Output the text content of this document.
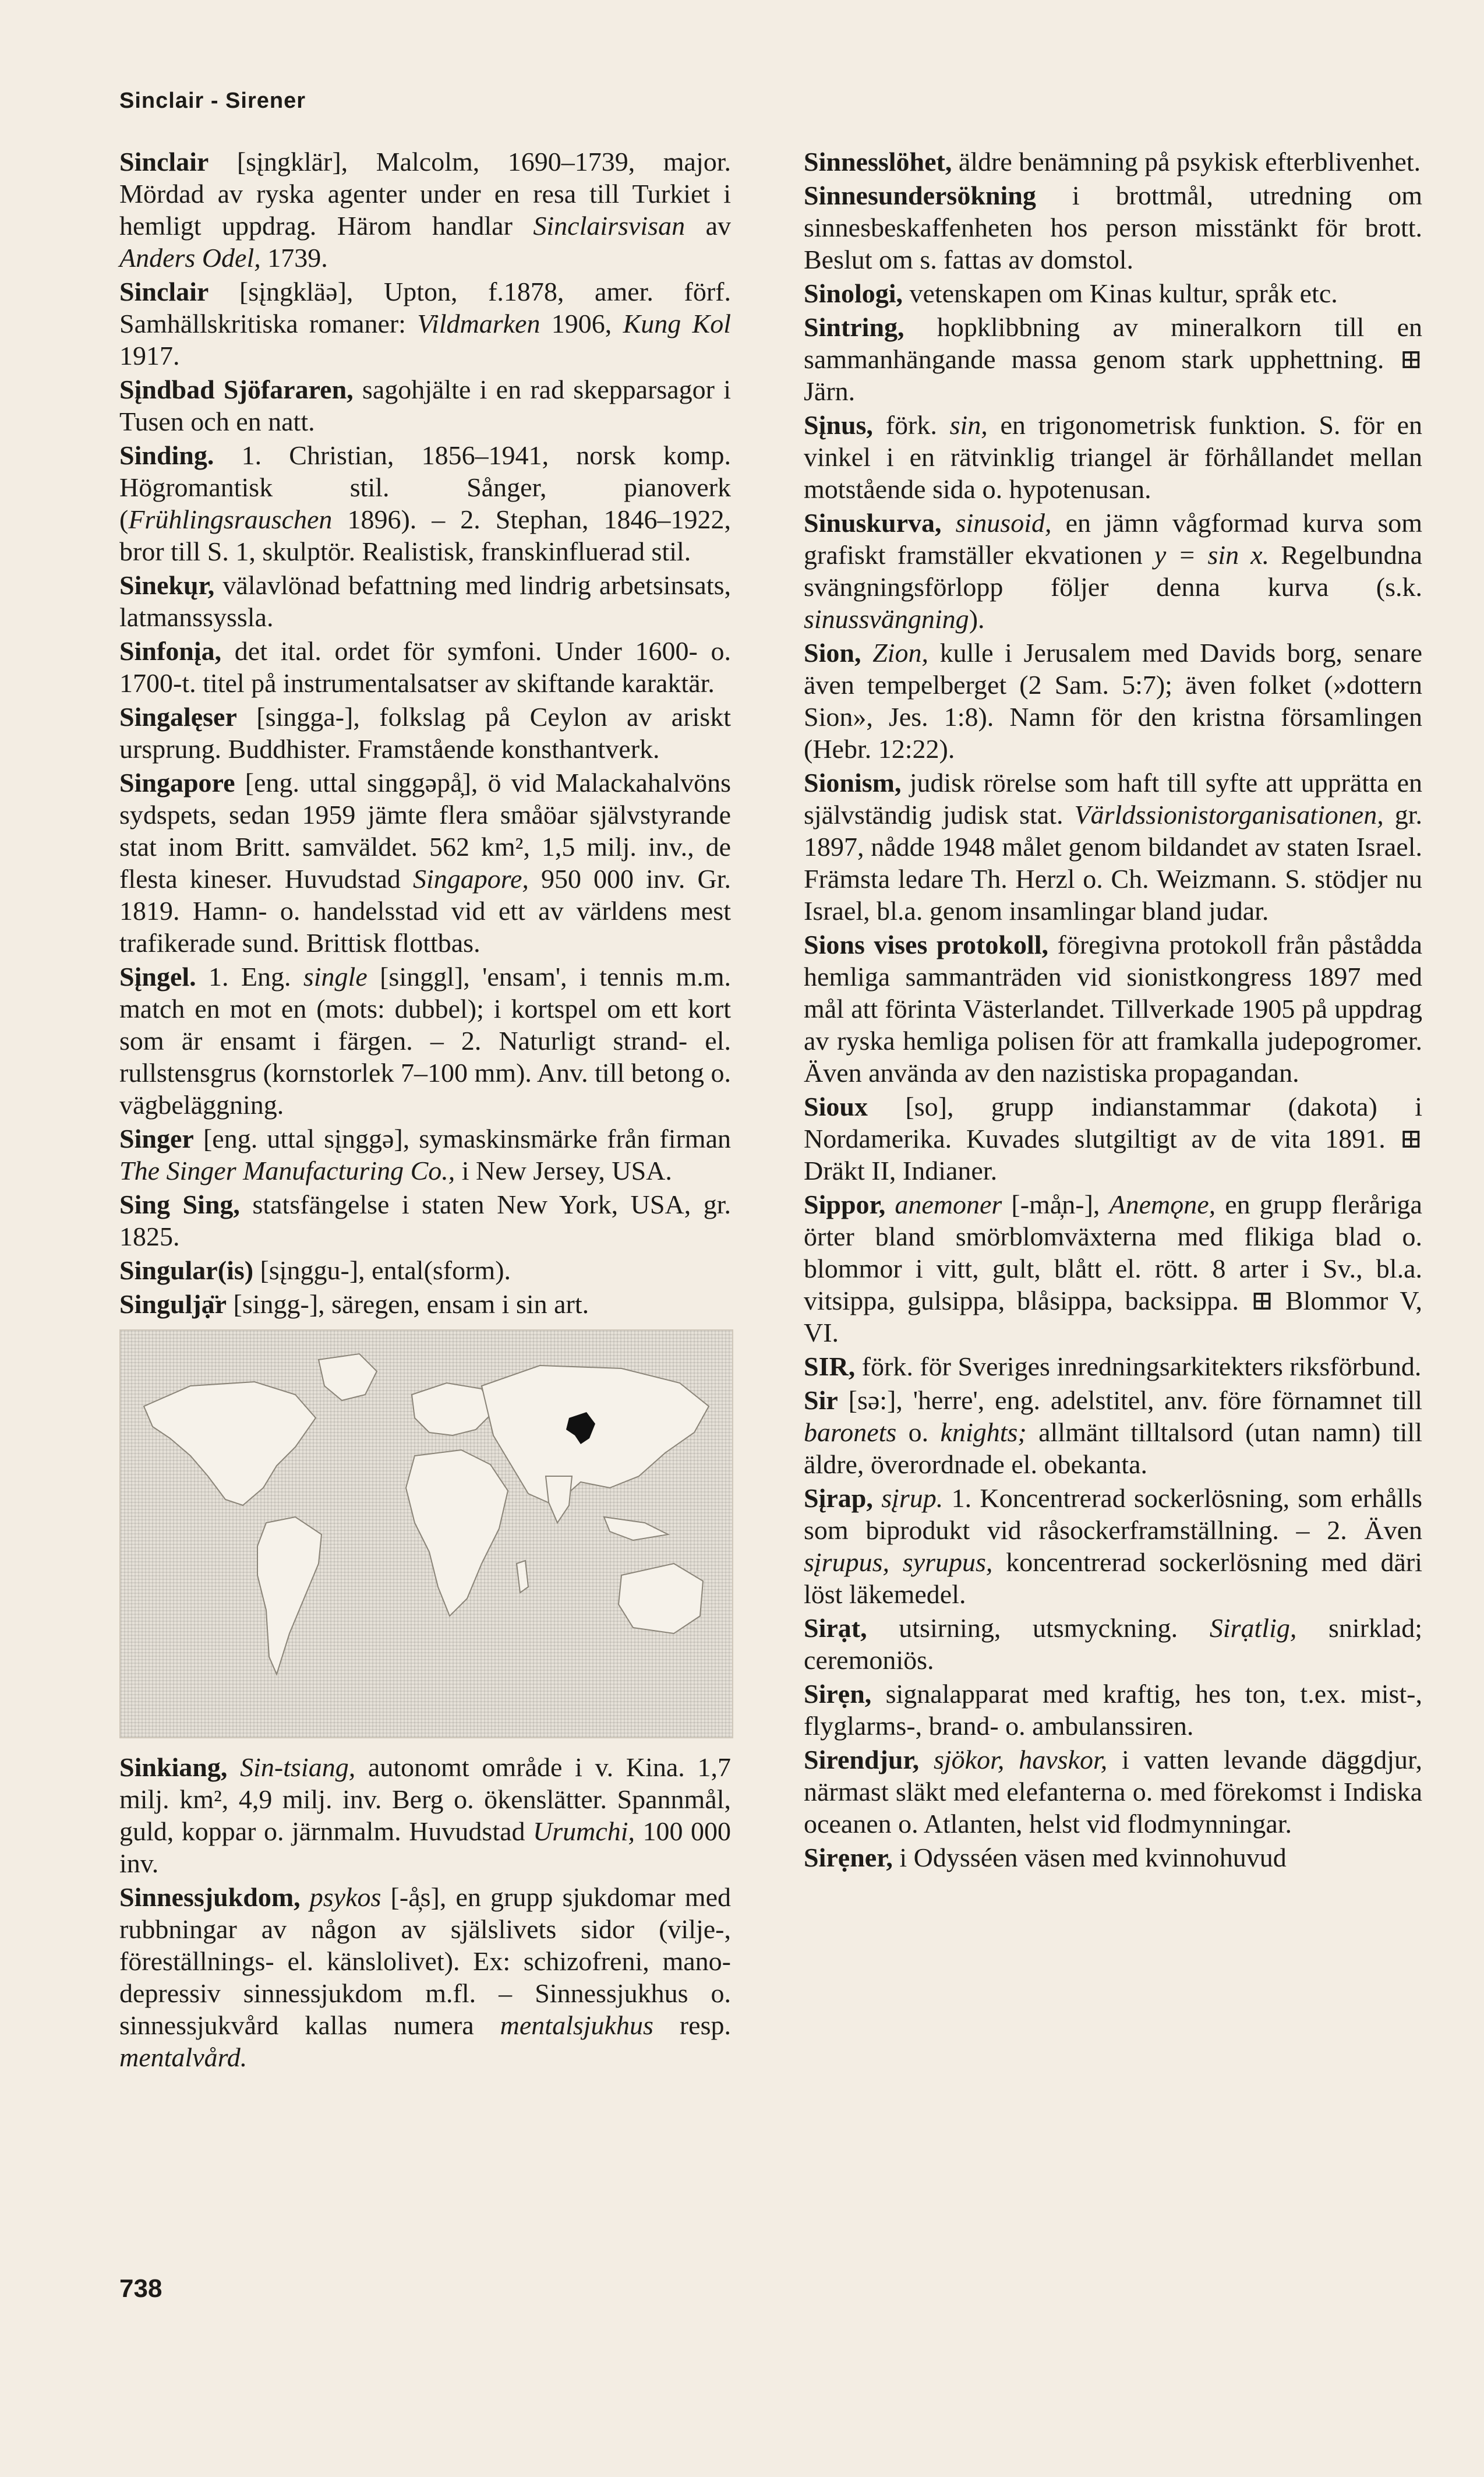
Sinclair - Sirener
Sinclair [sįngklär], Malcolm, 1690–1739, major. Mördad av ryska agenter under en resa till Turkiet i hemligt uppdrag. Härom handlar Sinclairsvisan av Anders Odel, 1739.
Sinclair [sįngkläə], Upton, f.1878, amer. förf. Samhällskritiska romaner: Vildmarken 1906, Kung Kol 1917.
Sįndbad Sjöfararen, sagohjälte i en rad skepparsagor i Tusen och en natt.
Sinding. 1. Christian, 1856–1941, norsk komp. Högromantisk stil. Sånger, pianoverk (Frühlingsrauschen 1896). – 2. Stephan, 1846–1922, bror till S. 1, skulptör. Realistisk, franskinfluerad stil.
Sinekųr, välavlönad befattning med lindrig arbetsinsats, latmanssyssla.
Sinfonįa, det ital. ordet för symfoni. Under 1600- o. 1700-t. titel på instrumentalsatser av skiftande karaktär.
Singalęser [singga-], folkslag på Ceylon av ariskt ursprung. Buddhister. Framstående konsthantverk.
Singapore [eng. uttal singgəpå̦], ö vid Malackahalvöns sydspets, sedan 1959 jämte flera småöar självstyrande stat inom Britt. samväldet. 562 km², 1,5 milj. inv., de flesta kineser. Huvudstad Singapore, 950 000 inv. Gr. 1819. Hamn- o. handelsstad vid ett av världens mest trafikerade sund. Brittisk flottbas.
Sįngel. 1. Eng. single [singgl], 'ensam', i tennis m.m. match en mot en (mots: dubbel); i kortspel om ett kort som är ensamt i färgen. – 2. Naturligt strand- el. rullstensgrus (kornstorlek 7–100 mm). Anv. till betong o. vägbeläggning.
Singer [eng. uttal sįnggə], symaskinsmärke från firman The Singer Manufacturing Co., i New Jersey, USA.
Sing Sing, statsfängelse i staten New York, USA, gr. 1825.
Singular(is) [sįnggu-], ental(sform).
Singuljạ̈r [singg-], säregen, ensam i sin art.
Sinkiang, Sin-tsiang, autonomt område i v. Kina. 1,7 milj. km², 4,9 milj. inv. Berg o. ökenslätter. Spannmål, guld, koppar o. järnmalm. Huvudstad Urumchi, 100 000 inv.
Sinnessjukdom, psykos [-å̦s], en grupp sjukdomar med rubbningar av någon av själslivets sidor (vilje-, föreställnings- el. känslolivet). Ex: schizofreni, mano-depressiv sinnessjukdom m.fl. – Sinnessjukhus o. sinnessjukvård kallas numera mentalsjukhus resp. mentalvård.
Sinnesslöhet, äldre benämning på psykisk efterblivenhet.
Sinnesundersökning i brottmål, utredning om sinnesbeskaffenheten hos person misstänkt för brott. Beslut om s. fattas av domstol.
Sinologi, vetenskapen om Kinas kultur, språk etc.
Sintring, hopklibbning av mineralkorn till en sammanhängande massa genom stark upphettning. ⊞ Järn.
Sįnus, förk. sin, en trigonometrisk funktion. S. för en vinkel i en rätvinklig triangel är förhållandet mellan motstående sida o. hypotenusan.
Sinuskurva, sinusoid, en jämn vågformad kurva som grafiskt framställer ekvationen y = sin x. Regelbundna svängningsförlopp följer denna kurva (s.k. sinussvängning).
Sion, Zion, kulle i Jerusalem med Davids borg, senare även tempelberget (2 Sam. 5:7); även folket (»dottern Sion», Jes. 1:8). Namn för den kristna församlingen (Hebr. 12:22).
Sionism, judisk rörelse som haft till syfte att upprätta en självständig judisk stat. Världssionistorganisationen, gr. 1897, nådde 1948 målet genom bildandet av staten Israel. Främsta ledare Th. Herzl o. Ch. Weizmann. S. stödjer nu Israel, bl.a. genom insamlingar bland judar.
Sions vises protokoll, föregivna protokoll från påstådda hemliga sammanträden vid sionistkongress 1897 med mål att förinta Västerlandet. Tillverkade 1905 på uppdrag av ryska hemliga polisen för att framkalla judepogromer. Även använda av den nazistiska propagandan.
Sioux [so], grupp indianstammar (dakota) i Nordamerika. Kuvades slutgiltigt av de vita 1891. ⊞ Dräkt II, Indianer.
Sippor, anemoner [-må̦n-], Anemǫne, en grupp fleråriga örter bland smörblomväxterna med flikiga blad o. blommor i vitt, gult, blått el. rött. 8 arter i Sv., bl.a. vitsippa, gulsippa, blåsippa, backsippa. ⊞ Blommor V, VI.
SIR, förk. för Sveriges inredningsarkitekters riksförbund.
Sir [sə:], 'herre', eng. adelstitel, anv. före förnamnet till baronets o. knights; allmänt tilltalsord (utan namn) till äldre, överordnade el. obekanta.
Sįrap, sįrup. 1. Koncentrerad sockerlösning, som erhålls som biprodukt vid råsockerframställning. – 2. Även sįrupus, syrupus, koncentrerad sockerlösning med däri löst läkemedel.
Sirạt, utsirning, utsmyckning. Sirạtlig, snirklad; ceremoniös.
Sirẹn, signalapparat med kraftig, hes ton, t.ex. mist-, flyglarms-, brand- o. ambulanssiren.
Sirendjur, sjökor, havskor, i vatten levande däggdjur, närmast släkt med elefanterna o. med förekomst i Indiska oceanen o. Atlanten, helst vid flodmynningar.
Sirẹner, i Odysséen väsen med kvinnohuvud
738
